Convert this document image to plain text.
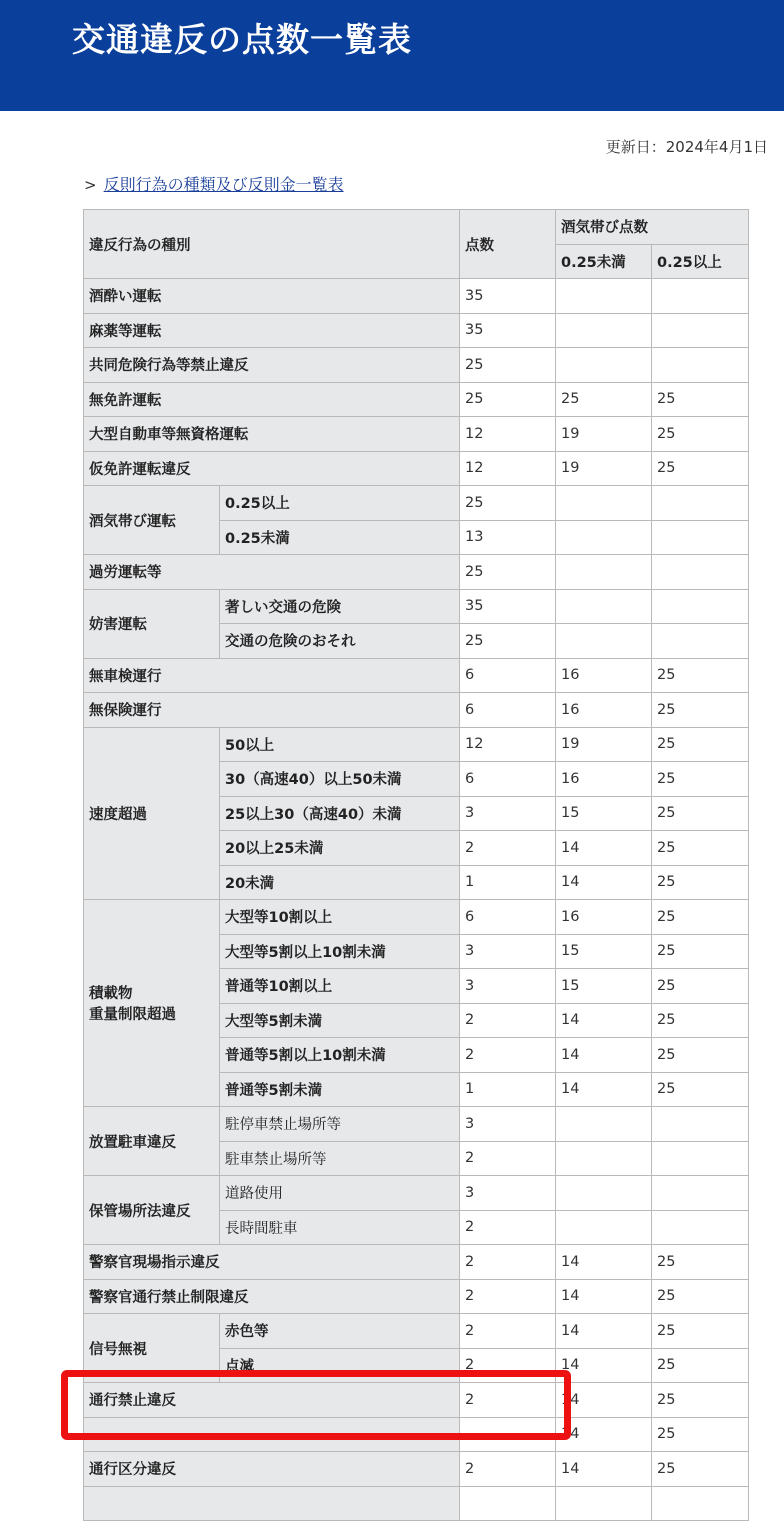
交通違反の点数一覧表
更新日：2024年4月1日
> 反則行為の種類及び反則金一覧表
違反行為の種別		点数	酒気帯び点数	
			0.25未満	0.25以上
酒酔い運転		35		
麻薬等運転		35		
共同危険行為等禁止違反		25		
無免許運転		25	25	25
大型自動車等無資格運転		12	19	25
仮免許運転違反		12	19	25
酒気帯び運転	0.25以上	25		
	0.25未満	13		
過労運転等		25		
妨害運転	著しい交通の危険	35		
	交通の危険のおそれ	25		
無車検運行		6	16	25
無保険運行		6	16	25
速度超過	50以上	12	19	25
	30（高速40）以上50未満	6	16	25
	25以上30（高速40）未満	3	15	25
	20以上25未満	2	14	25
	20未満	1	14	25
積載物
重量制限超過	大型等10割以上	6	16	25
	大型等5割以上10割未満	3	15	25
	普通等10割以上	3	15	25
	大型等5割未満	2	14	25
	普通等5割以上10割未満	2	14	25
	普通等5割未満	1	14	25
放置駐車違反	駐停車禁止場所等	3		
	駐車禁止場所等	2		
保管場所法違反	道路使用	3		
	長時間駐車	2		
警察官現場指示違反		2	14	25
警察官通行禁止制限違反		2	14	25
信号無視	赤色等	2	14	25
	点滅	2	14	25
通行禁止違反		2	14	25
			14	25
通行区分違反		2	14	25
